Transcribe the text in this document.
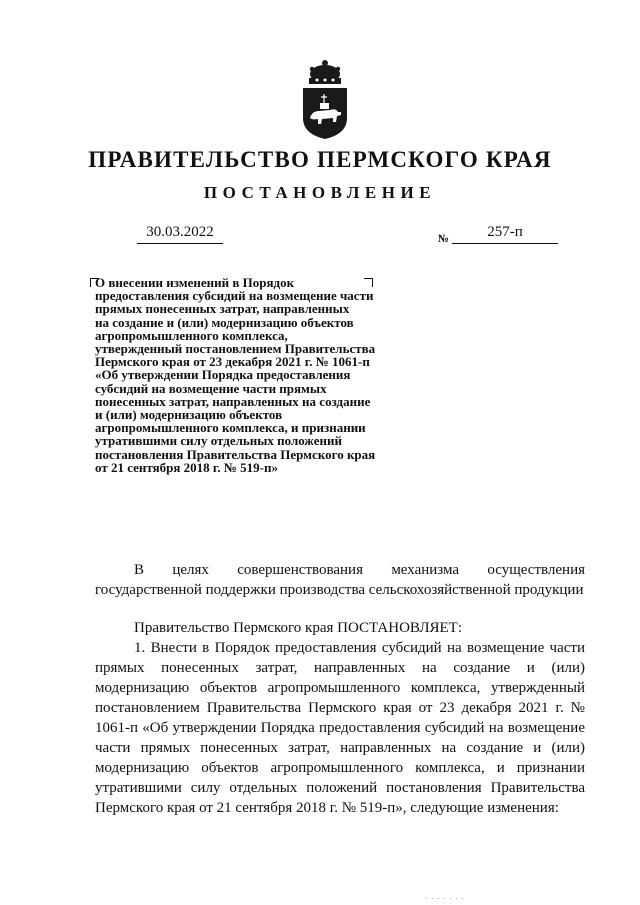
ПРАВИТЕЛЬСТВО ПЕРМСКОГО КРАЯ
ПОСТАНОВЛЕНИЕ
30.03.2022	№	257-п
О внесении изменений в Порядок
предоставления субсидий на возмещение части
прямых понесенных затрат, направленных
на создание и (или) модернизацию объектов
агропромышленного комплекса,
утвержденный постановлением Правительства
Пермского края от 23 декабря 2021 г. № 1061-п
«Об утверждении Порядка предоставления
субсидий на возмещение части прямых
понесенных затрат, направленных на создание
и (или) модернизацию объектов
агропромышленного комплекса, и признании
утратившими силу отдельных положений
постановления Правительства Пермского края
от 21 сентября 2018 г. № 519-п»
В целях совершенствования механизма осуществления государственной поддержки производства сельскохозяйственной продукции
Правительство Пермского края ПОСТАНОВЛЯЕТ:
1. Внести в Порядок предоставления субсидий на возмещение части прямых понесенных затрат, направленных на создание и (или) модернизацию объектов агропромышленного комплекса, утвержденный постановлением Правительства Пермского края от 23 декабря 2021 г. № 1061-п «Об утверждении Порядка предоставления субсидий на возмещение части прямых понесенных затрат, направленных на создание и (или) модернизацию объектов агропромышленного комплекса, и признании утратившими силу отдельных положений постановления Правительства Пермского края от 21 сентября 2018 г. № 519-п», следующие изменения:
· · · · · · ·
